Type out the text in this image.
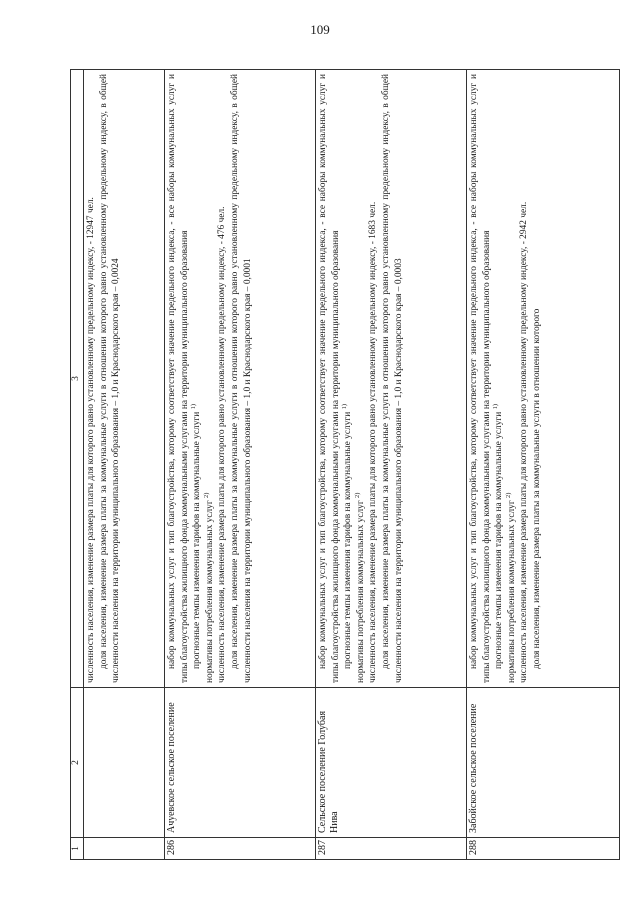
109
1	2	3

		численность населения, изменение размера платы для которого равно установленному предельному индексу, - 12947 чел. доля населения, изменение размера платы за коммунальные услуги в отношении которого равно установленному предельному индексу, в общей численности населения на территории муниципального образования – 1,0 и Краснодарского края – 0,0024

286	Ачуевское сельское поселение	набор коммунальных услуг и тип благоустройства, которому соответствует значение предельного индекса, - все наборы коммунальных услуг и типы благоустройства жилищного фонда коммунальными услугами на территории муниципального образования прогнозные темпы изменения тарифов на коммунальные услуги $^{1)}$

нормативы потребления коммунальных услуг $^{2)}$ численность населения, изменение размера платы для которого равно установленному предельному индексу, - 476 чел. доля населения, изменение размера платы за коммунальные услуги в отношении которого равно установленному предельному индексу, в общей численности населения на территории муниципального образования – 1,0 и Краснодарского края – 0,0001

287	Сельское поселение Голубая Нива	набор коммунальных услуг и тип благоустройства, которому соответствует значение предельного индекса, - все наборы коммунальных услуг и типы благоустройства жилищного фонда коммунальными услугами на территории муниципального образования прогнозные темпы изменения тарифов на коммунальные услуги $^{1)}$

нормативы потребления коммунальных услуг $^{2)}$ численность населения, изменение размера платы для которого равно установленному предельному индексу, - 1683 чел. доля населения, изменение размера платы за коммунальные услуги в отношении которого равно установленному предельному индексу, в общей численности населения на территории муниципального образования – 1,0 и Краснодарского края – 0,0003

288	Забойское сельское поселение	набор коммунальных услуг и тип благоустройства, которому соответствует значение предельного индекса, - все наборы коммунальных услуг и типы благоустройства жилищного фонда коммунальными услугами на территории муниципального образования прогнозные темпы изменения тарифов на коммунальные услуги $^{1)}$

нормативы потребления коммунальных услуг $^{2)}$ численность населения, изменение размера платы для которого равно установленному предельному индексу, - 2942 чел. доля населения, изменение размера платы за коммунальные услуги в отношении которого
